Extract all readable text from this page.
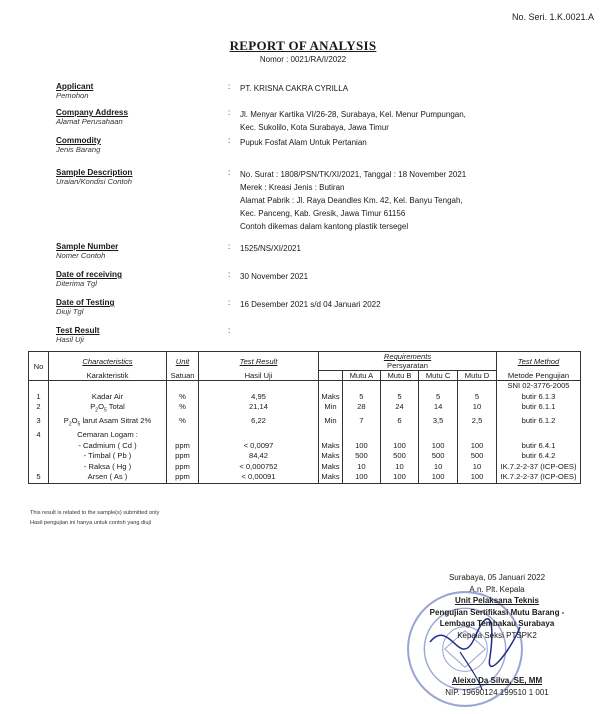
No. Seri. 1.K.0021.A
REPORT OF ANALYSIS
Nomor : 0021/RA/I/2022
Applicant
Pemohon
: PT. KRISNA CAKRA CYRILLA
Company Address
Alamat Perusahaan
: Jl. Menyar Kartika VI/26-28, Surabaya, Kel. Menur Pumpungan,
Kec. Sukolilo, Kota Surabaya, Jawa Timur
Commodity
Jenis Barang
: Pupuk Fosfat Alam Untuk Pertanian
Sample Description
Uraian/Kondisi Contoh
: No. Surat : 1808/PSN/TK/XI/2021, Tanggal : 18 November 2021
Merek : Kreasi Jenis : Butiran
Alamat Pabrik : Jl. Raya Deandles Km. 42, Kel. Banyu Tengah,
Kec. Panceng, Kab. Gresik, Jawa Timur 61156
Contoh dikemas dalam kantong plastik tersegel
Sample Number
Nomer Contoh
: 1525/NS/XI/2021
Date of receiving
Diterima Tgl
: 30 November 2021
Date of Testing
Diuji Tgl
: 16 Desember 2021 s/d 04 Januari 2022
Test Result
Hasil Uji
:
No	Characteristics	Unit	Test Result	Requirements					Test Method
				Persyaratan					
	Karakteristik	Satuan	Hasil Uji		Mutu A	Mutu B	Mutu C	Mutu D	Metode Pengujian
									SNI 02-3776-2005
1	Kadar Air	%	4,95	Maks	5	5	5	5	butir 6.1.3
2	$P_2O_5$ Total	%	21,14	Min	28	24	14	10	butir 6.1.1
3	$P_2O_5$ larut Asam Sitrat 2%	%	6,22	Min	7	6	3,5	2,5	butir 6.1.2
4	Cemaran Logam :								
	- Cadmium ( Cd )	ppm	< 0,0097	Maks	100	100	100	100	butir 6.4.1
	- Timbal ( Pb )	ppm	84,42	Maks	500	500	500	500	butir 6.4.2
	- Raksa ( Hg )	ppm	< 0,000752	Maks	10	10	10	10	IK.7.2-2-37 (ICP-OES)
5	Arsen ( As )	ppm	< 0,00091	Maks	100	100	100	100	IK.7.2-2-37 (ICP-OES)
This result is related to the sample(s) submitted only
Hasil pengujian ini hanya untuk contoh yang diuji
Surabaya, 05 Januari 2022
A.n. Plt. Kepala
Unit Pelaksana Teknis
Pengujian Sertifikasi Mutu Barang -
Lembaga Tembakau Surabaya
Kepala Seksi PTSPK2
Aleixo Da Silva, SE, MM
NIP. 19690124 199510 1 001
